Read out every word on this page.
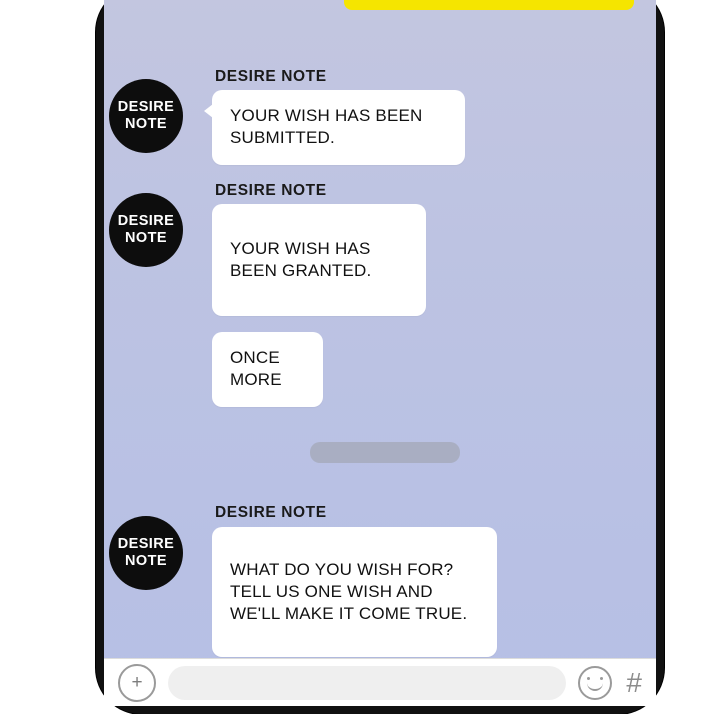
DESIRE
NOTE
DESIRE NOTE
YOUR WISH HAS BEEN SUBMITTED.
DESIRE
NOTE
DESIRE NOTE
YOUR WISH HAS BEEN GRANTED.
ONCE MORE
DESIRE
NOTE
DESIRE NOTE
WHAT DO YOU WISH FOR? TELL US ONE WISH AND WE'LL MAKE IT COME TRUE.
+	#
